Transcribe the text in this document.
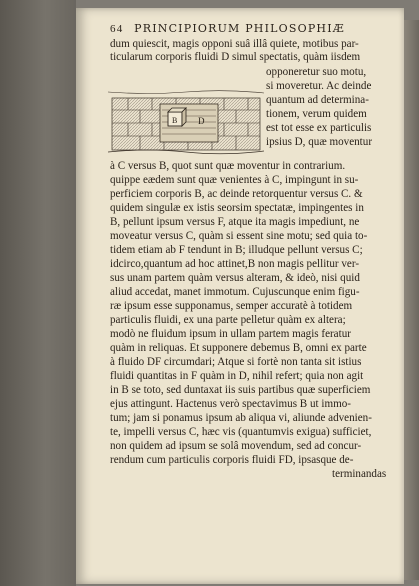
64 PRINCIPIORUM PHILOSOPHIÆ
dum quiescit, magis opponi suâ illâ quiete, motibus par-
ticularum corporis fluidi D simul spectatis, quàm iisdem
opponeretur suo motu,
si moveretur. Ac deinde
quantum ad determina-
tionem, verum quidem
est tot esse ex particulis
ipsius D, quæ moventur
B D
à C versus B, quot sunt quæ moventur in contrarium.
quippe eædem sunt quæ venientes à C, impingunt in su-
perficiem corporis B, ac deinde retorquentur versus C. &
quidem singulæ ex istis seorsim spectatæ, impingentes in
B, pellunt ipsum versus F, atque ita magis impediunt, ne
moveatur versus C, quàm si essent sine motu; sed quia to-
tidem etiam ab F tendunt in B; illudque pellunt versus C;
idcirco,quantum ad hoc attinet,B non magis pellitur ver-
sus unam partem quàm versus alteram, & ideò, nisi quid
aliud accedat, manet immotum. Cujuscunque enim figu-
ræ ipsum esse supponamus, semper accuratè à totidem
particulis fluidi, ex una parte pelletur quàm ex altera;
modò ne fluidum ipsum in ullam partem magis feratur
quàm in reliquas. Et supponere debemus B, omni ex parte
à fluido DF circumdari; Atque si fortè non tanta sit istius
fluidi quantitas in F quàm in D, nihil refert; quia non agit
in B se toto, sed duntaxat iis suis partibus quæ superficiem
ejus attingunt. Hactenus verò spectavimus B ut immo-
tum; jam si ponamus ipsum ab aliqua vi, aliunde advenien-
te, impelli versus C, hæc vis (quantumvis exigua) sufficiet,
non quidem ad ipsum se solâ movendum, sed ad concur-
rendum cum particulis corporis fluidi FD, ipsasque de-
terminandas
